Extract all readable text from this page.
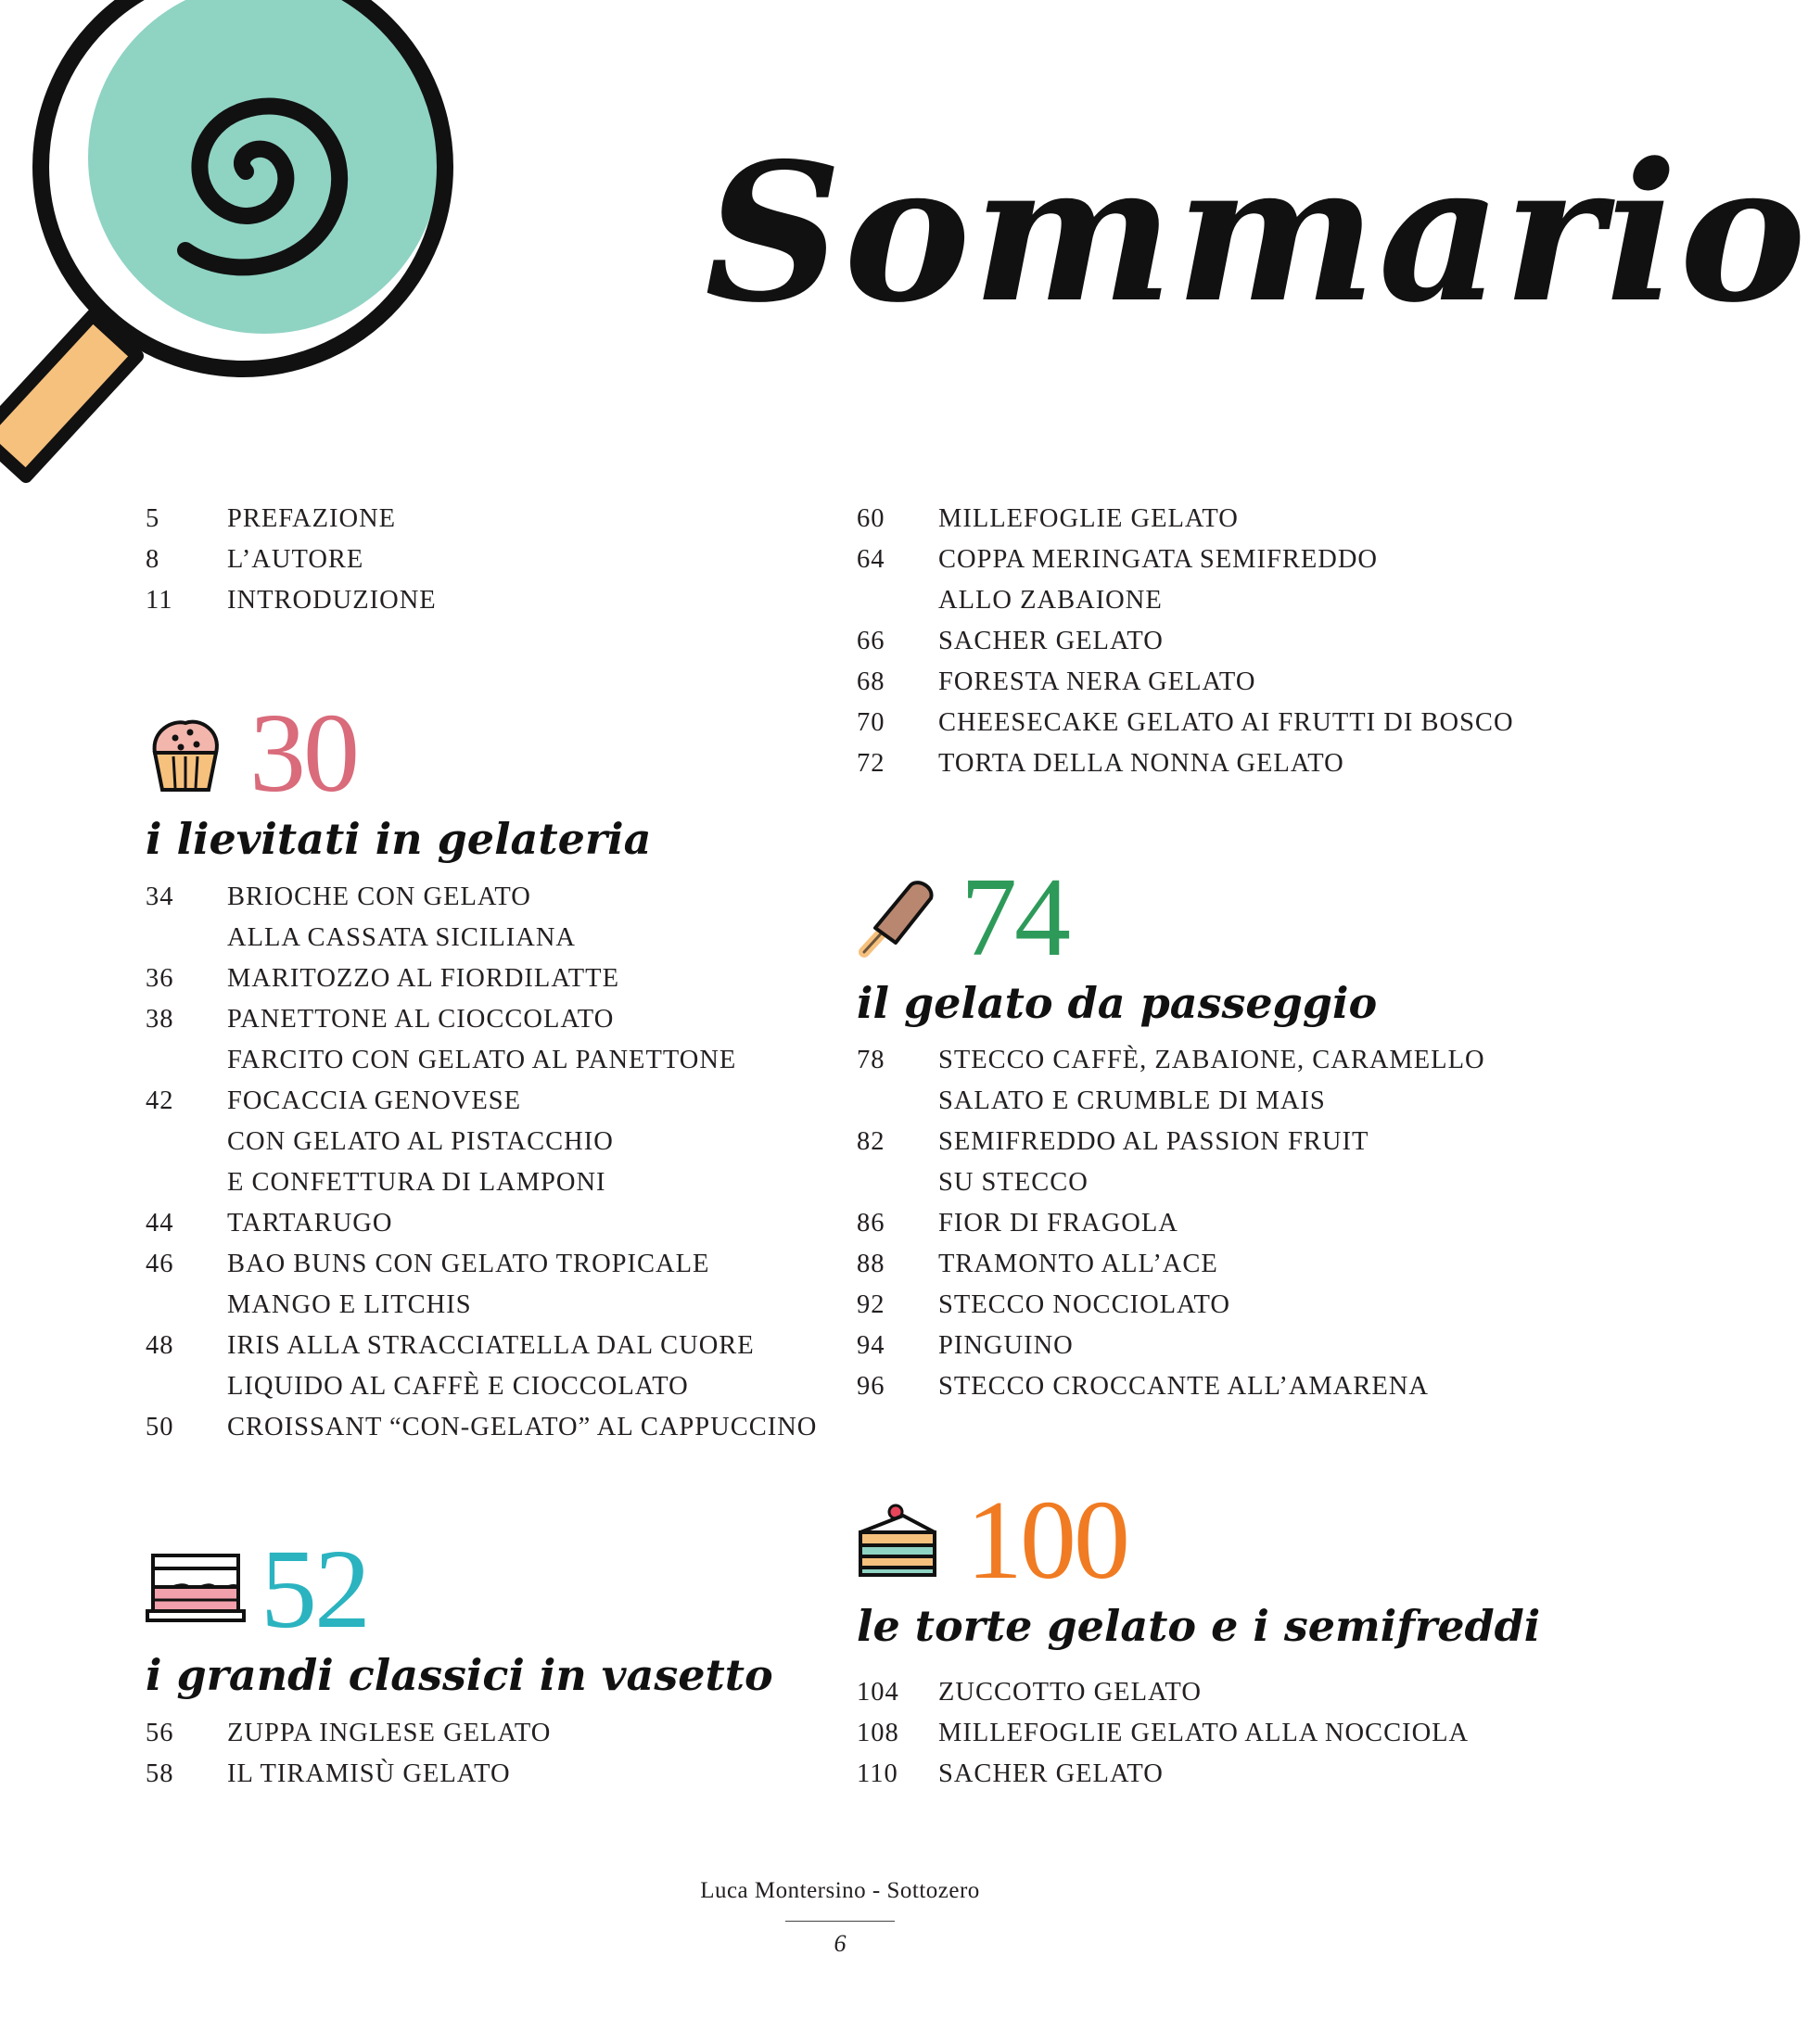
Sommario
5	PREFAZIONE
8	L’AUTORE
11 INTRODUZIONE
30
i lievitati in gelateria
34 BRIOCHE CON GELATO
ALLA CASSATA SICILIANA
36 MARITOZZO AL FIORDILATTE
38 PANETTONE AL CIOCCOLATO
FARCITO CON GELATO AL PANETTONE
42 FOCACCIA GENOVESE
CON GELATO AL PISTACCHIO
E CONFETTURA DI LAMPONI
44 TARTARUGO
46 BAO BUNS CON GELATO TROPICALE
MANGO E LITCHIS
48 IRIS ALLA STRACCIATELLA DAL CUORE
LIQUIDO AL CAFFÈ E CIOCCOLATO
50 CROISSANT “CON-GELATO” AL CAPPUCCINO
52
i grandi classici in vasetto
56 ZUPPA INGLESE GELATO
58 IL TIRAMISÙ GELATO
60 MILLEFOGLIE GELATO
64 COPPA MERINGATA SEMIFREDDO
ALLO ZABAIONE
66 SACHER GELATO
68 FORESTA NERA GELATO
70 CHEESECAKE GELATO AI FRUTTI DI BOSCO
72 TORTA DELLA NONNA GELATO
74
il gelato da passeggio
78 STECCO CAFFÈ, ZABAIONE, CARAMELLO
SALATO E CRUMBLE DI MAIS
82 SEMIFREDDO AL PASSION FRUIT
SU STECCO
86 FIOR DI FRAGOLA
88 TRAMONTO ALL’ACE
92 STECCO NOCCIOLATO
94 PINGUINO
96 STECCO CROCCANTE ALL’AMARENA
100
le torte gelato e i semifreddi
104 ZUCCOTTO GELATO
108 MILLEFOGLIE GELATO ALLA NOCCIOLA
110 SACHER GELATO
Luca Montersino - Sottozero
6
